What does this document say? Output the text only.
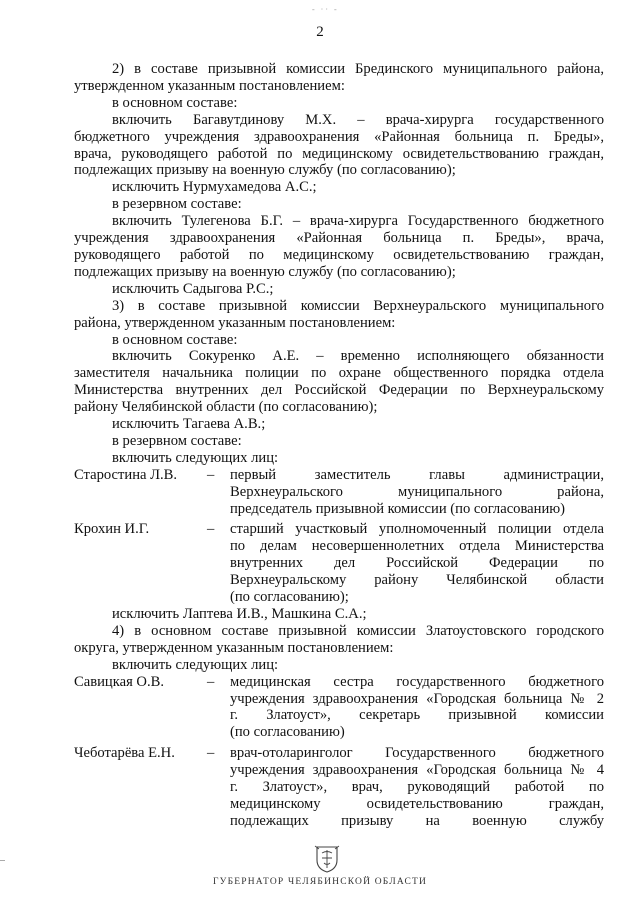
- ·· -
2

2) в составе призывной комиссии Брединского муниципального района,

утвержденном указанным постановлением:

в основном составе:

включить Багавутдинову М.Х. – врача-хирурга государственного

бюджетного учреждения здравоохранения «Районная больница п. Бреды»,

врача, руководящего работой по медицинскому освидетельствованию граждан,

подлежащих призыву на военную службу (по согласованию);

исключить Нурмухамедова А.С.;

в резервном составе:

включить Тулегенова Б.Г. – врача-хирурга Государственного бюджетного

учреждения здравоохранения «Районная больница п. Бреды», врача,

руководящего работой по медицинскому освидетельствованию граждан,

подлежащих призыву на военную службу (по согласованию);

исключить Садыгова Р.С.;

3) в составе призывной комиссии Верхнеуральского муниципального

района, утвержденном указанным постановлением:

в основном составе:

включить Сокуренко А.Е. – временно исполняющего обязанности

заместителя начальника полиции по охране общественного порядка отдела

Министерства внутренних дел Российской Федерации по Верхнеуральскому

району Челябинской области (по согласованию);

исключить Тагаева А.В.;

в резервном составе:

включить следующих лиц:

Старостина Л.В.	–	первый заместитель главы администрации,
Верхнеуральского муниципального района,
председатель призывной комиссии (по согласованию)
Крохин И.Г.	–	старший участковый уполномоченный полиции отдела
по делам несовершеннолетних отдела Министерства
внутренних дел Российской Федерации по
Верхнеуральскому району Челябинской области
(по согласованию);

исключить Лаптева И.В., Машкина С.А.;

4) в основном составе призывной комиссии Златоустовского городского

округа, утвержденном указанным постановлением:

включить следующих лиц:

Савицкая О.В.	–	медицинская сестра государственного бюджетного
учреждения здравоохранения «Городская больница № 2
г. Златоуст», секретарь призывной комиссии
(по согласованию)
Чеботарёва Е.Н.	–	врач-отоларинголог Государственного бюджетного
учреждения здравоохранения «Городская больница № 4
г. Златоуст», врач, руководящий работой по
медицинскому освидетельствованию граждан,
подлежащих призыву на военную службу
ГУБЕРНАТОР ЧЕЛЯБИНСКОЙ ОБЛАСТИ
